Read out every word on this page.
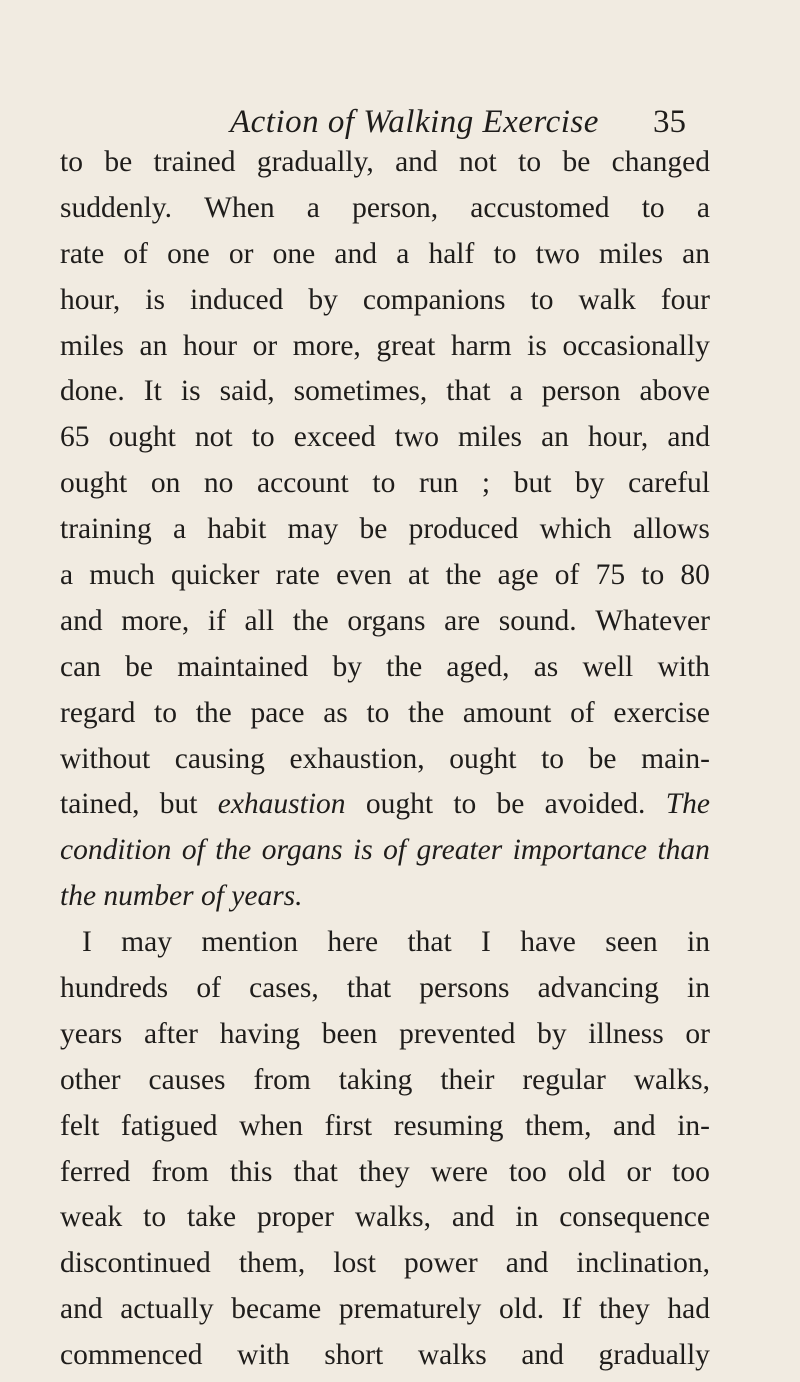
Action of Walking Exercise 35
to be trained gradually, and not to be changed
suddenly. When a person, accustomed to a
rate of one or one and a half to two miles an
hour, is induced by companions to walk four
miles an hour or more, great harm is occasionally
done. It is said, sometimes, that a person above
65 ought not to exceed two miles an hour, and
ought on no account to run ; but by careful
training a habit may be produced which allows
a much quicker rate even at the age of 75 to 80
and more, if all the organs are sound. Whatever
can be maintained by the aged, as well with
regard to the pace as to the amount of exercise
without causing exhaustion, ought to be main-
tained, but exhaustion ought to be avoided. The
condition of the organs is of greater importance than
the
number
of
years.
I may mention here that I have seen in
hundreds of cases, that persons advancing in
years after having been prevented by illness or
other causes from taking their regular walks,
felt fatigued when first resuming them, and in-
ferred from this that they were too old or too
weak to take proper walks, and in consequence
discontinued them, lost power and inclination,
and actually became prematurely old. If they had
commenced with short walks and gradually
